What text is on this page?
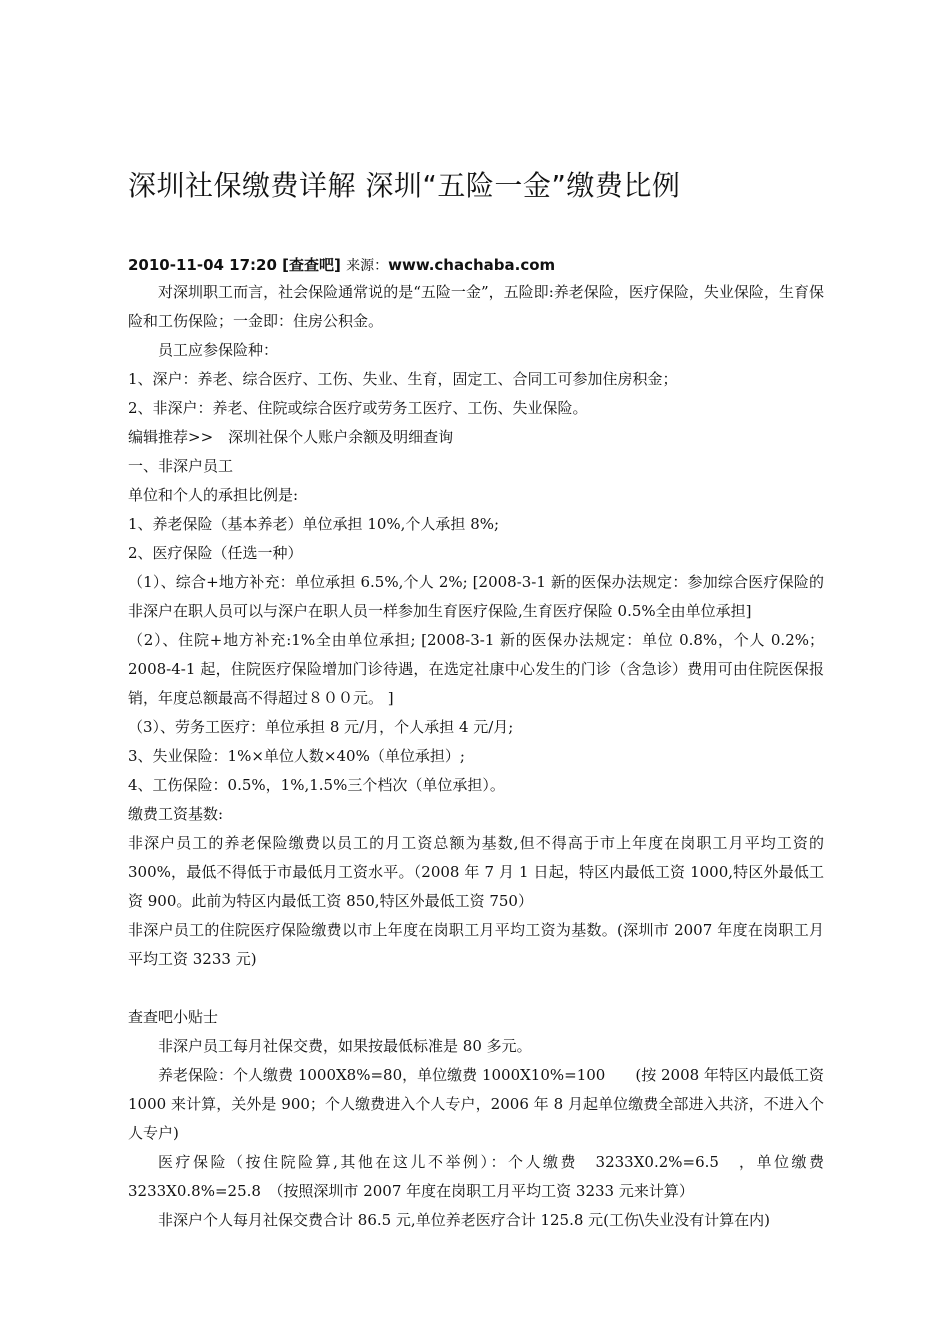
深圳社保缴费详解 深圳“五险一金”缴费比例
2010-11-04 17:20 [查查吧] 来源：www.chachaba.com

对深圳职工而言，社会保险通常说的是“五险一金”，五险即:养老保险，医疗保险，失业保险，生育保险和工伤保险；一金即：住房公积金。

员工应参保险种：

1、深户：养老、综合医疗、工伤、失业、生育，固定工、合同工可参加住房积金；

2、非深户：养老、住院或综合医疗或劳务工医疗、工伤、失业保险。

编辑推荐>>　深圳社保个人账户余额及明细查询

一、非深户员工

单位和个人的承担比例是:

1、养老保险（基本养老）单位承担 10%,个人承担 8%;

2、医疗保险（任选一种）

（1）、综合+地方补充：单位承担 6.5%,个人 2%; [2008-3-1 新的医保办法规定：参加综合医疗保险的非深户在职人员可以与深户在职人员一样参加生育医疗保险,生育医疗保险 0.5%全由单位承担]

（2）、住院+地方补充:1%全由单位承担; [2008-3-1 新的医保办法规定：单位 0.8%，个人 0.2%；2008-4-1 起，住院医疗保险增加门诊待遇，在选定社康中心发生的门诊（含急诊）费用可由住院医保报销，年度总额最高不得超过８００元。 ]

（3）、劳务工医疗：单位承担 8 元/月，个人承担 4 元/月;

3、失业保险：1%×单位人数×40%（单位承担）;

4、工伤保险：0.5%，1%,1.5%三个档次（单位承担）。

缴费工资基数:

非深户员工的养老保险缴费以员工的月工资总额为基数,但不得高于市上年度在岗职工月平均工资的 300%，最低不得低于市最低月工资水平。（2008 年 7 月 1 日起，特区内最低工资 1000,特区外最低工资 900。此前为特区内最低工资 850,特区外最低工资 750）

非深户员工的住院医疗保险缴费以市上年度在岗职工月平均工资为基数。(深圳市 2007 年度在岗职工月平均工资 3233 元)

查查吧小贴士

非深户员工每月社保交费，如果按最低标准是 80 多元。

养老保险：个人缴费 1000X8%=80，单位缴费 1000X10%=100　　(按 2008 年特区内最低工资 1000 来计算，关外是 900；个人缴费进入个人专户，2006 年 8 月起单位缴费全部进入共济，不进入个人专户)

医疗保险（按住院险算,其他在这儿不举例）：个人缴费　3233X0.2%=6.5　，单位缴费 3233X0.8%=25.8　（按照深圳市 2007 年度在岗职工月平均工资 3233 元来计算）

非深户个人每月社保交费合计 86.5 元,单位养老医疗合计 125.8 元(工伤\失业没有计算在内)
